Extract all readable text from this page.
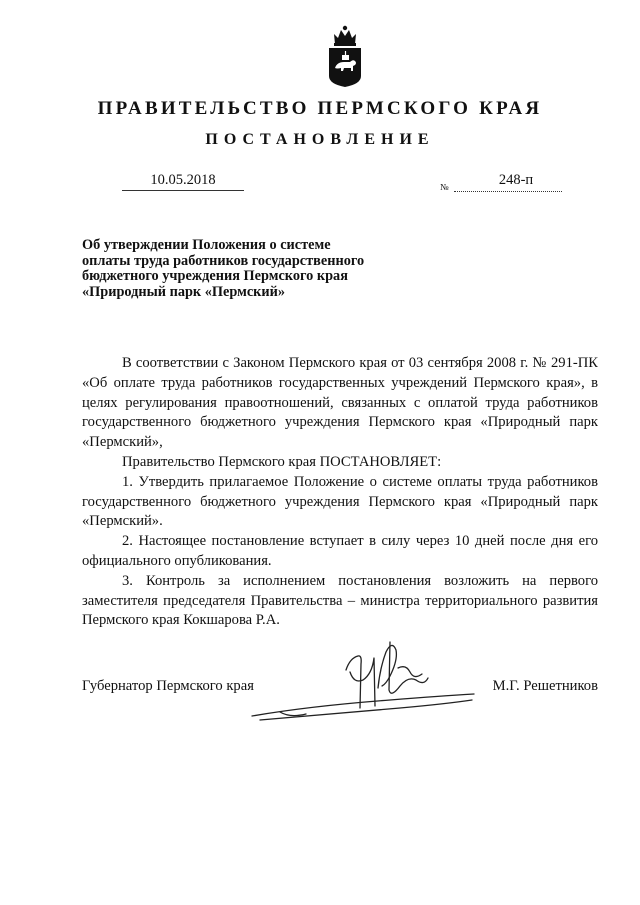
ПРАВИТЕЛЬСТВО ПЕРМСКОГО КРАЯ
ПОСТАНОВЛЕНИЕ
10.05.2018	№	248-п
Об утверждении Положения о системе
оплаты труда работников государственного
бюджетного учреждения Пермского края
«Природный парк «Пермский»

В соответствии с Законом Пермского края от 03 сентября 2008 г. № 291-ПК «Об оплате труда работников государственных учреждений Пермского края», в целях регулирования правоотношений, связанных с оплатой труда работников государственного бюджетного учреждения Пермского края «Природный парк «Пермский»,

Правительство Пермского края ПОСТАНОВЛЯЕТ:

1. Утвердить прилагаемое Положение о системе оплаты труда работников государственного бюджетного учреждения Пермского края «Природный парк «Пермский».

2. Настоящее постановление вступает в силу через 10 дней после дня его официального опубликования.

3. Контроль за исполнением постановления возложить на первого заместителя председателя Правительства – министра территориального развития Пермского края Кокшарова Р.А.

Губернатор Пермского края	М.Г. Решетников
